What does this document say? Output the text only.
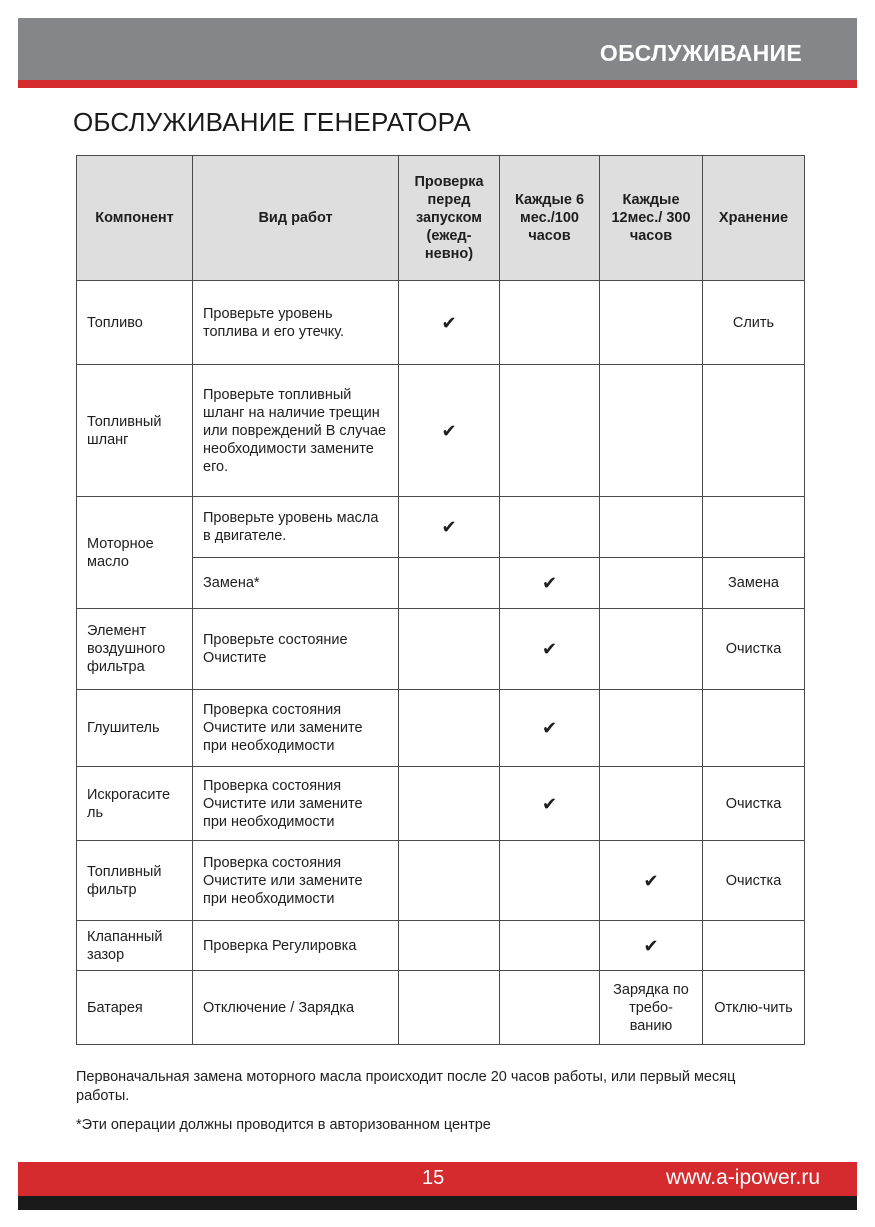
ОБСЛУЖИВАНИЕ
ОБСЛУЖИВАНИЕ ГЕНЕРАТОРА
Компонент	Вид работ	Проверка перед запуском (ежед-невно)	Каждые 6 мес./100 часов	Каждые 12мес./ 300 часов	Хранение
Топливо	Проверьте уровень топлива и его утечку.	✔			Слить
Топливный шланг	Проверьте топливный шланг на наличие трещин или повреждений В случае необходимости замените его.	✔			
Моторное масло	Проверьте уровень масла в двигателе.	✔			
	Замена*		✔		Замена
Элемент воздушного фильтра	Проверьте состояние Очистите		✔		Очистка
Глушитель	Проверка состояния Очистите или замените при необходимости		✔		
Искрогасите ль	Проверка состояния Очистите или замените при необходимости		✔		Очистка
Топливный фильтр	Проверка состояния Очистите или замените при необходимости			✔	Очистка
Клапанный зазор	Проверка Регулировка			✔	
Батарея	Отключение / Зарядка			Зарядка по требо-ванию	Отклю-чить
Первоначальная замена моторного масла происходит после 20 часов работы, или первый месяц работы.
*Эти операции должны проводится в авторизованном центре
15	www.a-ipower.ru
